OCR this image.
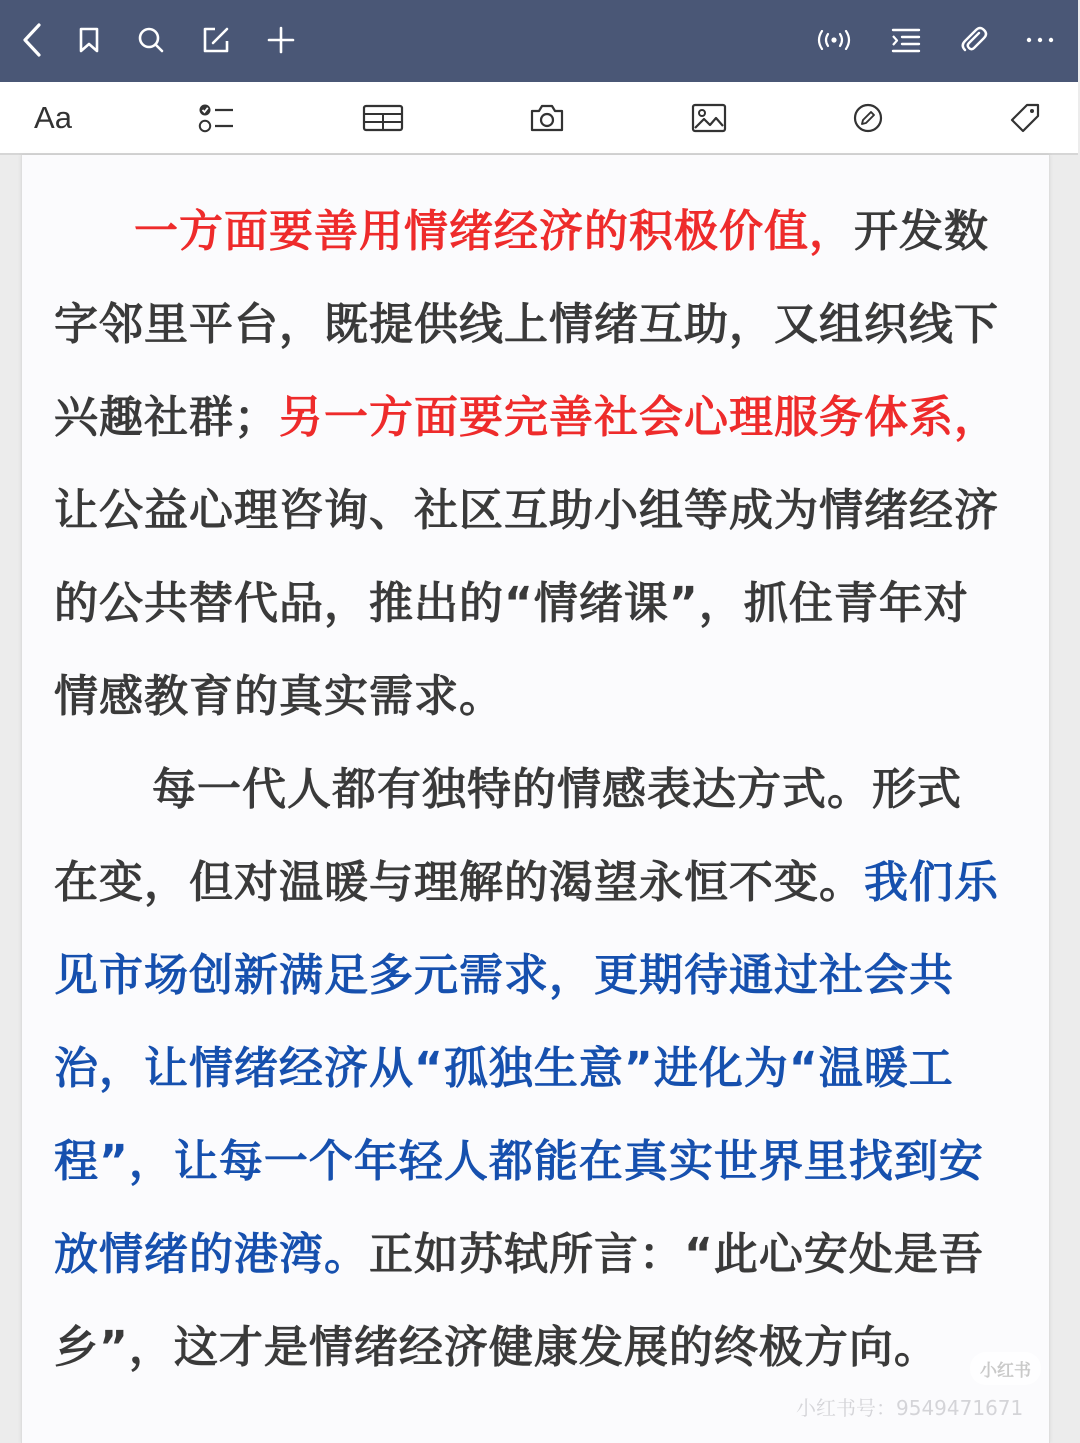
Aa

一方面要善用情绪经济的积极价值，开发数
字邻里平台，既提供线上情绪互助，又组织线下
兴趣社群；另一方面要完善社会心理服务体系，
让公益心理咨询、社区互助小组等成为情绪经济
的公共替代品，推出的“情绪课”，抓住青年对
情感教育的真实需求。

每一代人都有独特的情感表达方式。形式
在变，但对温暖与理解的渴望永恒不变。我们乐
见市场创新满足多元需求，更期待通过社会共
治，让情绪经济从“孤独生意”进化为“温暖工
程”，让每一个年轻人都能在真实世界里找到安
放情绪的港湾。正如苏轼所言：“此心安处是吾
乡”，这才是情绪经济健康发展的终极方向。	小红书
小红书号：9549471671
